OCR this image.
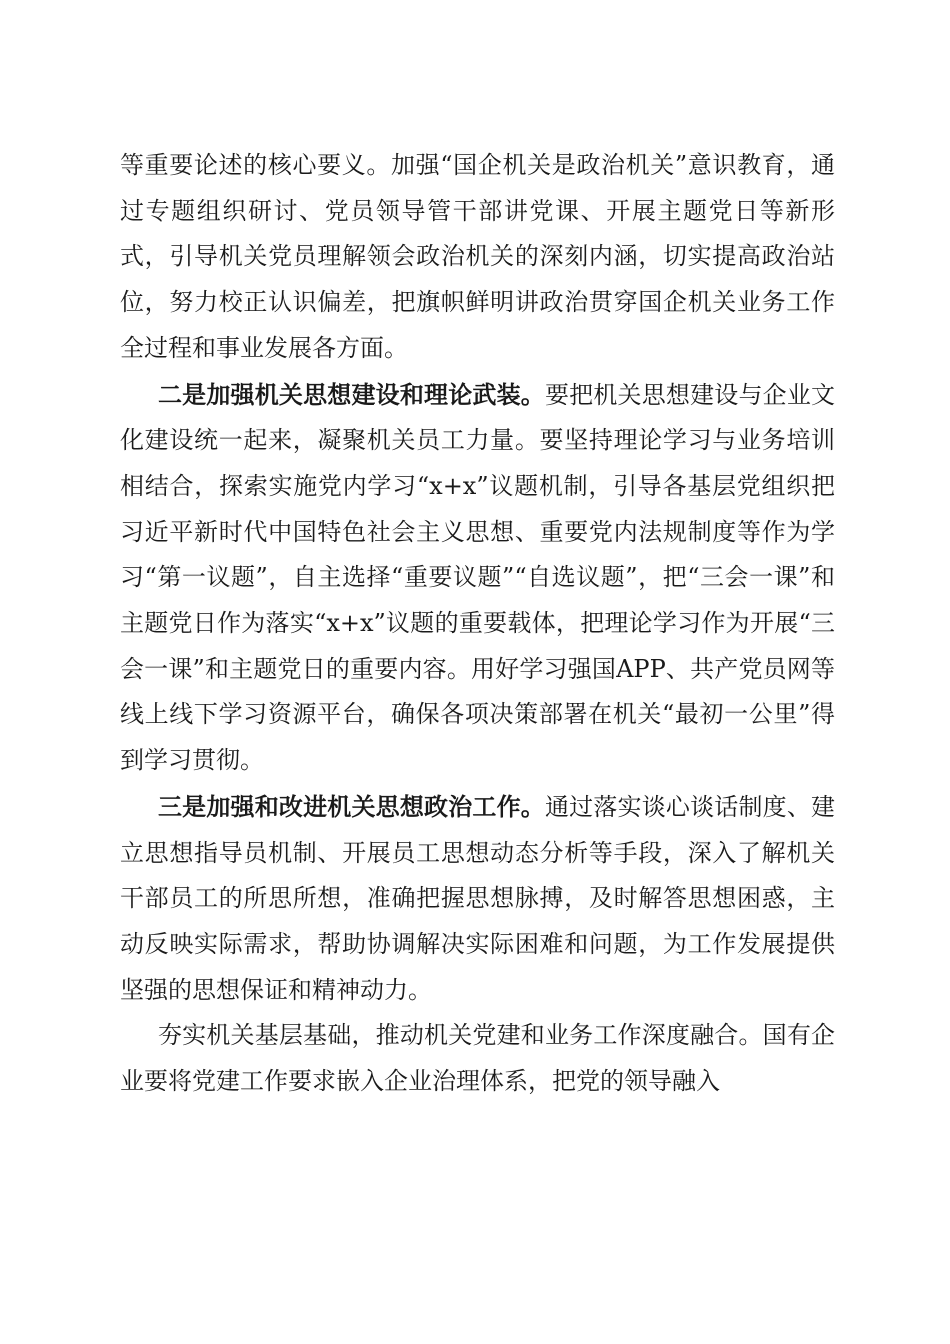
等重要论述的核心要义。加强“国企机关是政治机关”意识教育，通过专题组织研讨、党员领导管干部讲党课、开展主题党日等新形式，引导机关党员理解领会政治机关的深刻内涵，切实提高政治站位，努力校正认识偏差，把旗帜鲜明讲政治贯穿国企机关业务工作全过程和事业发展各方面。

二是加强机关思想建设和理论武装。要把机关思想建设与企业文化建设统一起来，凝聚机关员工力量。要坚持理论学习与业务培训相结合，探索实施党内学习“x+x”议题机制，引导各基层党组织把习近平新时代中国特色社会主义思想、重要党内法规制度等作为学习“第一议题”，自主选择“重要议题”“自选议题”，把“三会一课”和主题党日作为落实“x+x”议题的重要载体，把理论学习作为开展“三会一课”和主题党日的重要内容。用好学习强国APP、共产党员网等线上线下学习资源平台，确保各项决策部署在机关“最初一公里”得到学习贯彻。

三是加强和改进机关思想政治工作。通过落实谈心谈话制度、建立思想指导员机制、开展员工思想动态分析等手段，深入了解机关干部员工的所思所想，准确把握思想脉搏，及时解答思想困惑，主动反映实际需求，帮助协调解决实际困难和问题，为工作发展提供坚强的思想保证和精神动力。

夯实机关基层基础，推动机关党建和业务工作深度融合。国有企业要将党建工作要求嵌入企业治理体系，把党的领导融入
